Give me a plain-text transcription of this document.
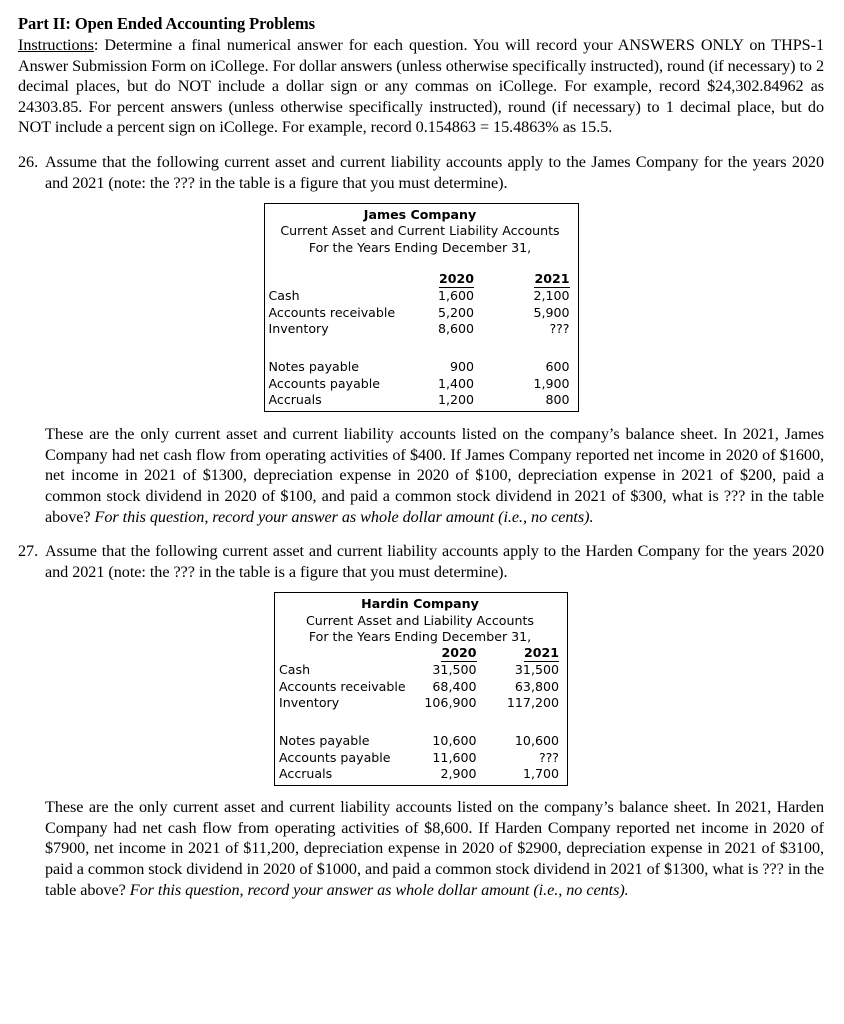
Part II: Open Ended Accounting Problems

Instructions: Determine a final numerical answer for each question. You will record your ANSWERS ONLY on THPS-1 Answer Submission Form on iCollege. For dollar answers (unless otherwise specifically instructed), round (if necessary) to 2 decimal places, but do NOT include a dollar sign or any commas on iCollege. For example, record $24,302.84962 as 24303.85. For percent answers (unless otherwise specifically instructed), round (if necessary) to 1 decimal place, but do NOT include a percent sign on iCollege. For example, record 0.154863 = 15.4863% as 15.5.

26. Assume that the following current asset and current liability accounts apply to the James Company for the years 2020 and 2021 (note: the ??? in the table is a figure that you must determine).
James Company		
Current Asset and Current Liability Accounts		
For the Years Ending December 31,		

	2020	2021
Cash	1,600	2,100
Accounts receivable	5,200	5,900
Inventory	8,600	???

Notes payable	900	600
Accounts payable	1,400	1,900
Accruals	1,200	800

These are the only current asset and current liability accounts listed on the company’s balance sheet. In 2021, James Company had net cash flow from operating activities of $400. If James Company reported net income in 2020 of $1600, net income in 2021 of $1300, depreciation expense in 2020 of $100, depreciation expense in 2021 of $200, paid a common stock dividend in 2020 of $100, and paid a common stock dividend in 2021 of $300, what is ??? in the table above? For this question, record your answer as whole dollar amount (i.e., no cents).

27. Assume that the following current asset and current liability accounts apply to the Harden Company for the years 2020 and 2021 (note: the ??? in the table is a figure that you must determine).
Hardin Company		
Current Asset and Liability Accounts		
For the Years Ending December 31,		
	2020	2021
Cash	31,500	31,500
Accounts receivable	68,400	63,800
Inventory	106,900	117,200

Notes payable	10,600	10,600
Accounts payable	11,600	???
Accruals	2,900	1,700

These are the only current asset and current liability accounts listed on the company’s balance sheet. In 2021, Harden Company had net cash flow from operating activities of $8,600. If Harden Company reported net income in 2020 of $7900, net income in 2021 of $11,200, depreciation expense in 2020 of $2900, depreciation expense in 2021 of $3100, paid a common stock dividend in 2020 of $1000, and paid a common stock dividend in 2021 of $1300, what is ??? in the table above? For this question, record your answer as whole dollar amount (i.e., no cents).
